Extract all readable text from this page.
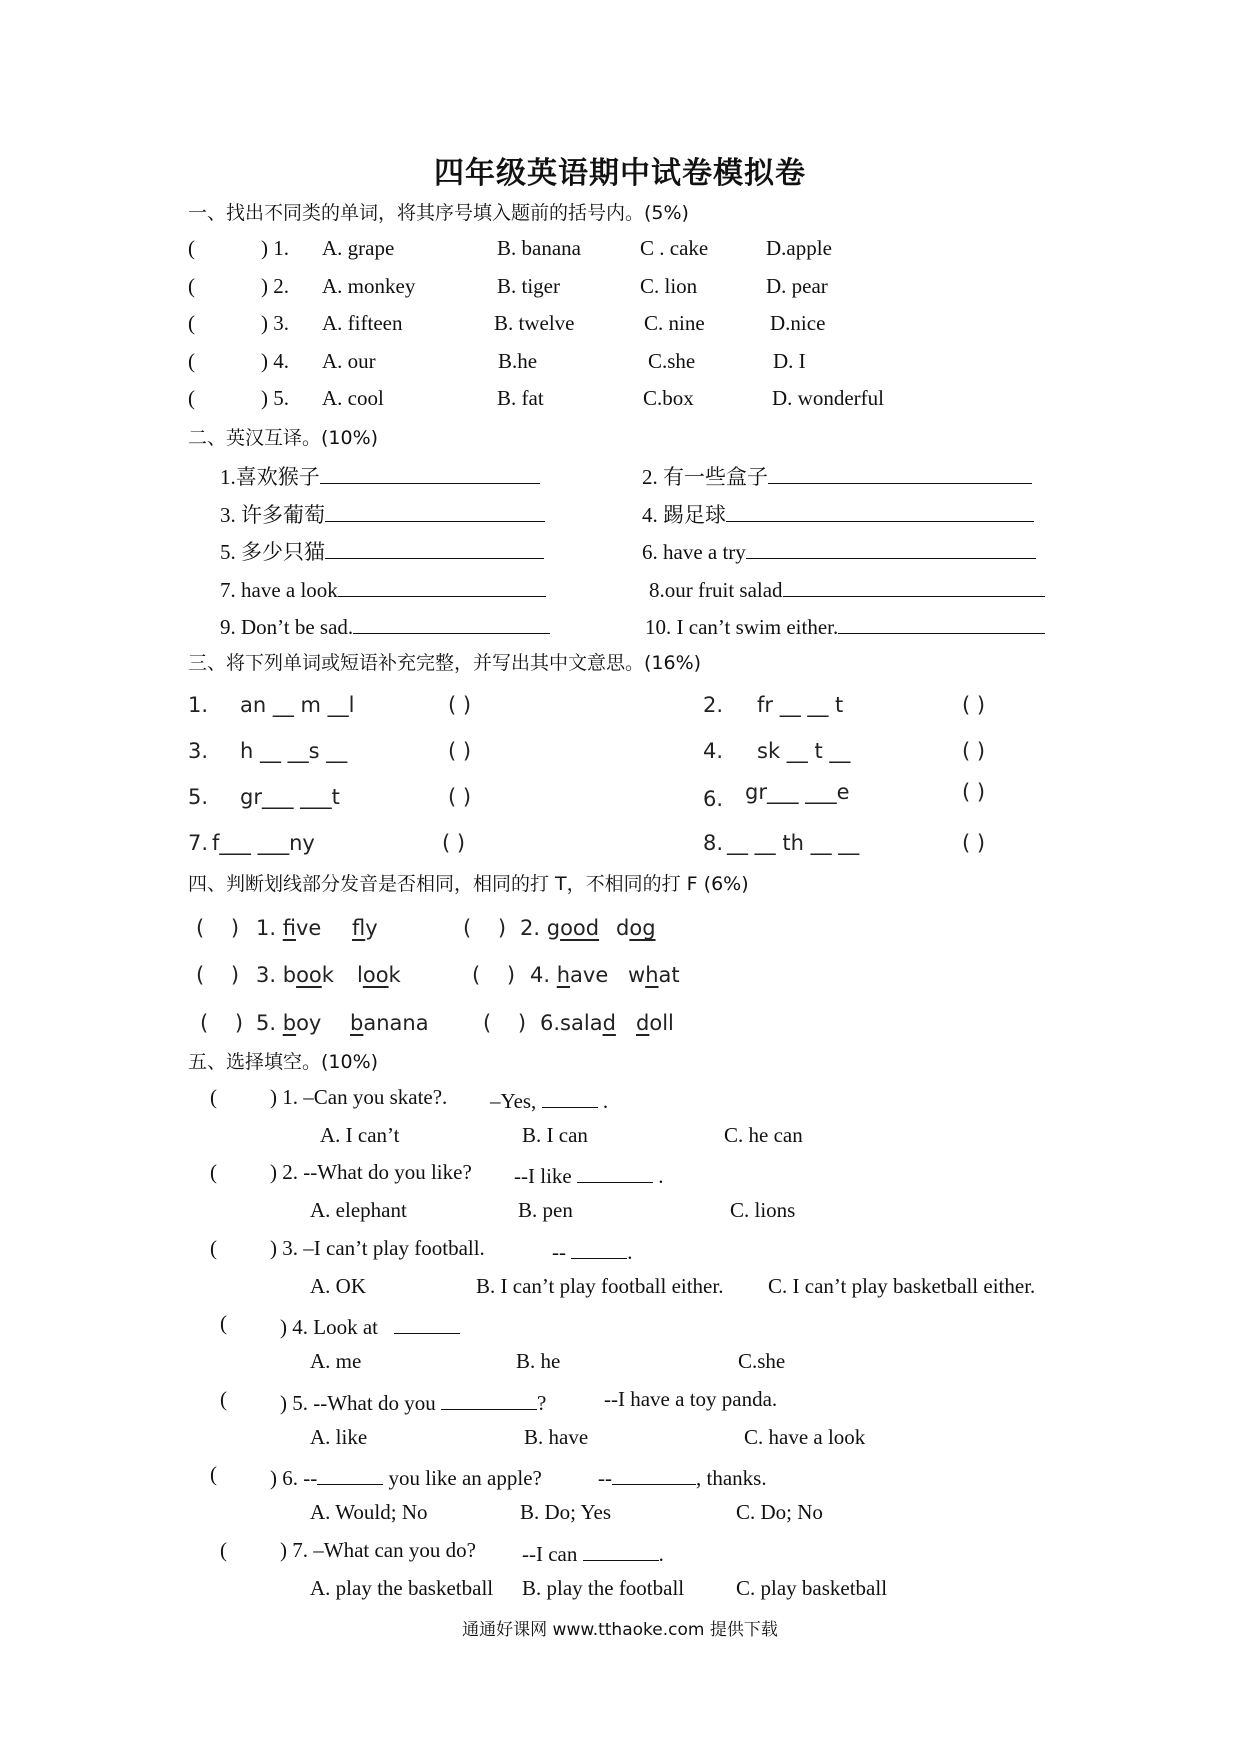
四年级英语期中试卷模拟卷
一、找出不同类的单词，将其序号填入题前的括号内。(5%)
(	) 1. A. grape	B. banana	C . cake	D.apple
(	) 2. A. monkey	B. tiger	C. lion	D. pear
(	) 3. A. fifteen	B. twelve	C. nine	D.nice
(	) 4. A. our	B.he	C.she	D. I
(	) 5. A. cool	B. fat	C.box	D. wonderful
二、英汉互译。(10%)
1.喜欢猴子	2. 有一些盒子
3. 许多葡萄	4. 踢足球
5. 多少只猫	6. have a try
7. have a look	8.our fruit salad
9. Don’t be sad.	10. I can’t swim either.
三、将下列单词或短语补充完整，并写出其中文意思。(16%)
1. an __ m __l	( )	2. fr __ __ t	( )
3. h __ __s __	( )	4. sk __ t __	( )
5. gr___ ___t	( )	6. gr___ ___e	( )
7. f___ ___ny	( )	8. __ __ th __ __	( )
四、判断划线部分发音是否相同，相同的打 T，不相同的打 F (6%)
(    ) 1. fve fly	(    ) 2. good dog
(    ) 3. book look	(    ) 4. have what
(    ) 5. boy banana	(    ) 6.salad doll
五、选择填空。(10%)
(	) 1. –Can you skate?. –Yes,	.
A. I can’t	B. I can	C. he can
(	) 2. --What do you like? --I like	.
A. elephant	B. pen	C. lions
(	) 3. –I can’t play football.	--	.
A. OK	B. I can’t play football either. C. I can’t play basketball either.
(	) 4. Look at
A. me	B. he	C.she
(	) 5. --What do you	?	--I have a toy panda.
A. like	B. have	C. have a look
(	) 6. --	you like an apple?	--	, thanks.
A. Would; No	B. Do; Yes	C. Do; No
(	) 7. –What can you do? --I can	.
A. play the basketball B. play the football C. play basketball
通通好课网 www.tthaoke.com 提供下载
